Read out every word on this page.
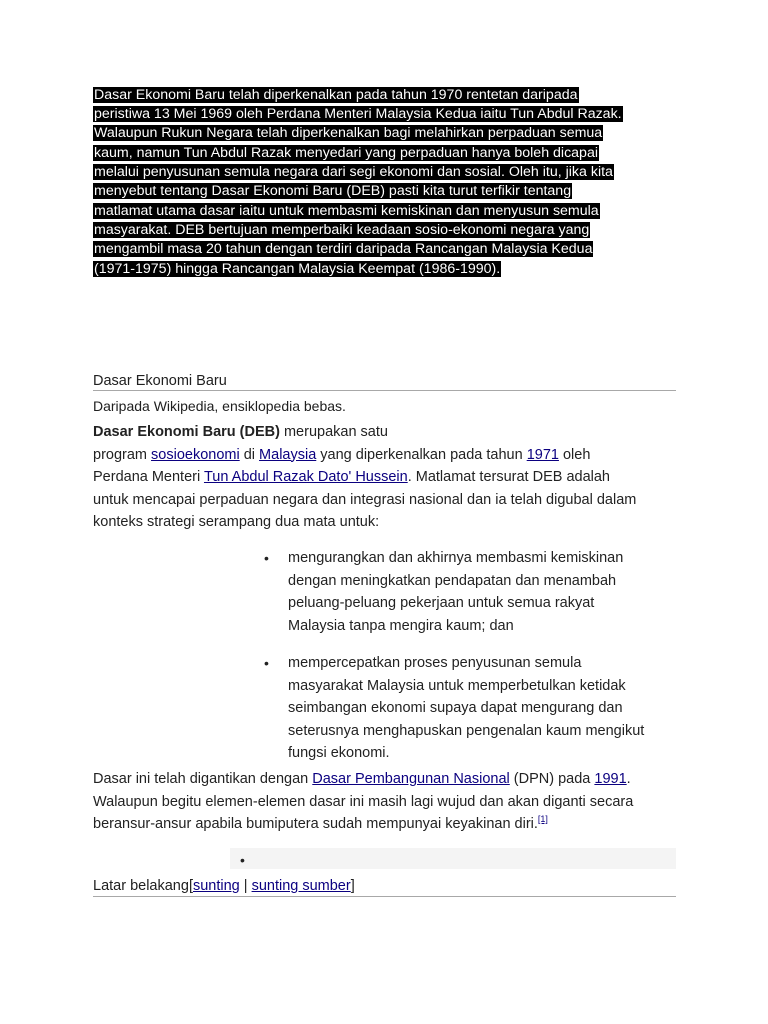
Dasar Ekonomi Baru telah diperkenalkan pada tahun 1970 rentetan daripada
peristiwa 13 Mei 1969 oleh Perdana Menteri Malaysia Kedua iaitu Tun Abdul Razak.
Walaupun Rukun Negara telah diperkenalkan bagi melahirkan perpaduan semua
kaum, namun Tun Abdul Razak menyedari yang perpaduan hanya boleh dicapai
melalui penyusunan semula negara dari segi ekonomi dan sosial. Oleh itu, jika kita
menyebut tentang Dasar Ekonomi Baru (DEB) pasti kita turut terfikir tentang
matlamat utama dasar iaitu untuk membasmi kemiskinan dan menyusun semula
masyarakat. DEB bertujuan memperbaiki keadaan sosio-ekonomi negara yang
mengambil masa 20 tahun dengan terdiri daripada Rancangan Malaysia Kedua
(1971-1975) hingga Rancangan Malaysia Keempat (1986-1990).
Dasar Ekonomi Baru
Daripada Wikipedia, ensiklopedia bebas.
Dasar Ekonomi Baru (DEB) merupakan satu
program sosioekonomi di Malaysia yang diperkenalkan pada tahun 1971 oleh
Perdana Menteri Tun Abdul Razak Dato' Hussein. Matlamat tersurat DEB adalah
untuk mencapai perpaduan negara dan integrasi nasional dan ia telah digubal dalam
konteks strategi serampang dua mata untuk:
• mengurangkan dan akhirnya membasmi kemiskinan
dengan meningkatkan pendapatan dan menambah
peluang-peluang pekerjaan untuk semua rakyat
Malaysia tanpa mengira kaum; dan
• mempercepatkan proses penyusunan semula
masyarakat Malaysia untuk memperbetulkan ketidak
seimbangan ekonomi supaya dapat mengurang dan
seterusnya menghapuskan pengenalan kaum mengikut
fungsi ekonomi.
Dasar ini telah digantikan dengan Dasar Pembangunan Nasional (DPN) pada 1991.
Walaupun begitu elemen-elemen dasar ini masih lagi wujud dan akan diganti secara
beransur-ansur apabila bumiputera sudah mempunyai keyakinan diri.[1]
•
Latar belakang[sunting | sunting sumber]
